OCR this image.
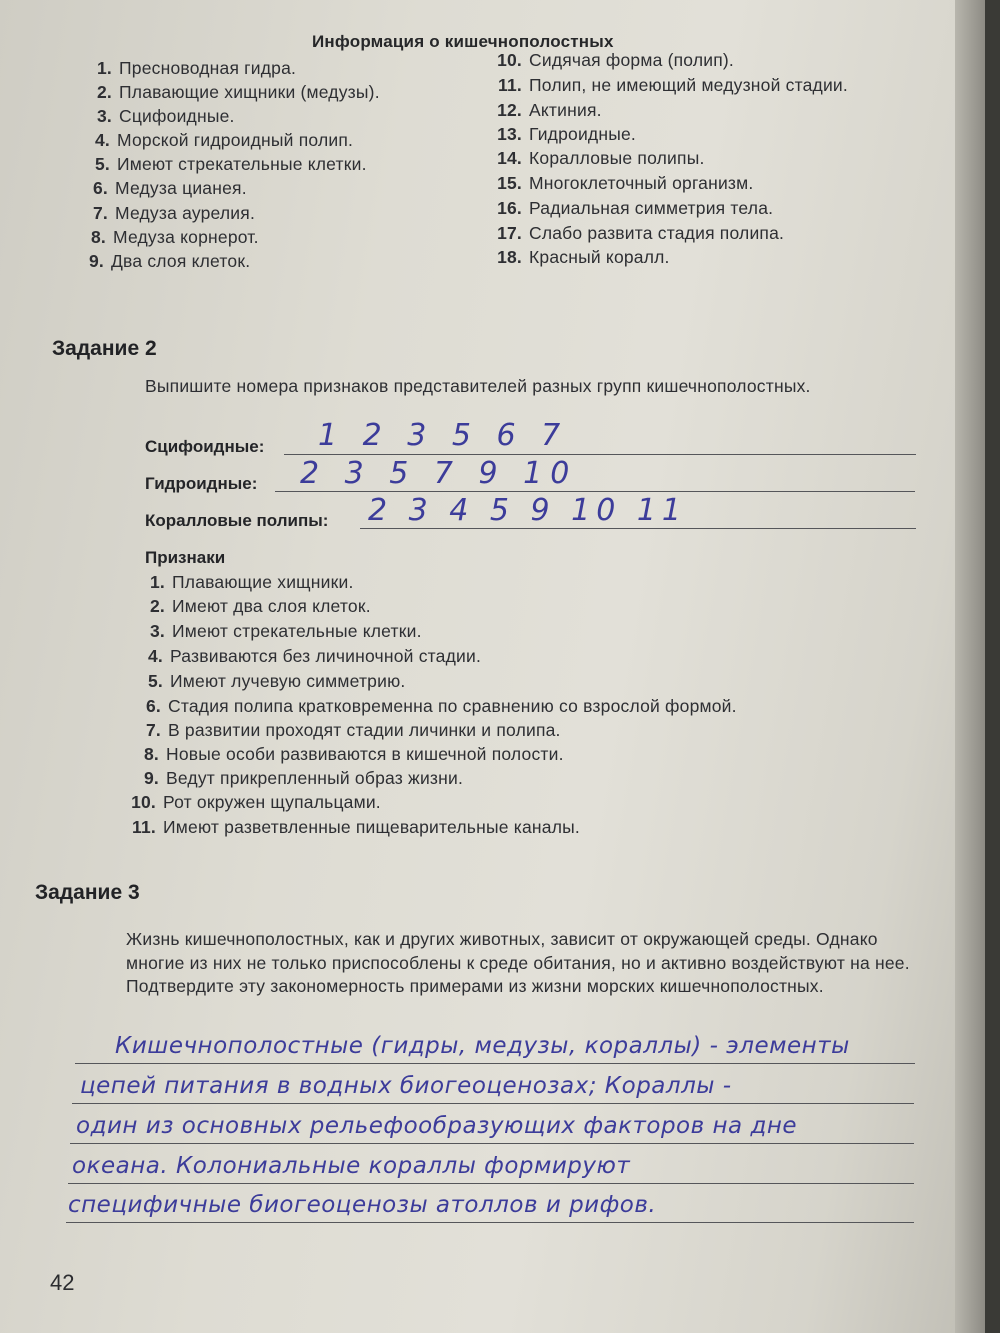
Информация о кишечнополостных
1. Пресноводная гидра.
2. Плавающие хищники (медузы).
3. Сцифоидные.
4. Морской гидроидный полип.
5. Имеют стрекательные клетки.
6. Медуза цианея.
7. Медуза аурелия.
8. Медуза корнерот.
9. Два слоя клеток.
10. Сидячая форма (полип).
11. Полип, не имеющий медузной стадии.
12. Актиния.
13. Гидроидные.
14. Коралловые полипы.
15. Многоклеточный организм.
16. Радиальная симметрия тела.
17. Слабо развита стадия полипа.
18. Красный коралл.
Задание 2
Выпишите номера признаков представителей разных групп кишечнополостных.
Сцифоидные: 1 2 3 5 6 7
Гидроидные: 2 3 5 7 9 10
Коралловые полипы: 2 3 4 5 9 10 11
Признаки
1. Плавающие хищники.
2. Имеют два слоя клеток.
3. Имеют стрекательные клетки.
4. Развиваются без личиночной стадии.
5. Имеют лучевую симметрию.
6. Стадия полипа кратковременна по сравнению со взрослой формой.
7. В развитии проходят стадии личинки и полипа.
8. Новые особи развиваются в кишечной полости.
9. Ведут прикрепленный образ жизни.
10. Рот окружен щупальцами.
11. Имеют разветвленные пищеварительные каналы.
Задание 3
Жизнь кишечнополостных, как и других животных, зависит от окружающей среды. Однако многие из них не только приспособлены к среде обитания, но и активно воздействуют на нее. Подтвердите эту закономерность примерами из жизни морских кишечнополостных.
Кишечнополостные (гидры, медузы, кораллы) - элементы
цепей питания в водных биогеоценозах; Кораллы -
один из основных рельефообразующих факторов на дне
океана. Колониальные кораллы формируют
специфичные биогеоценозы атоллов и рифов.
42
